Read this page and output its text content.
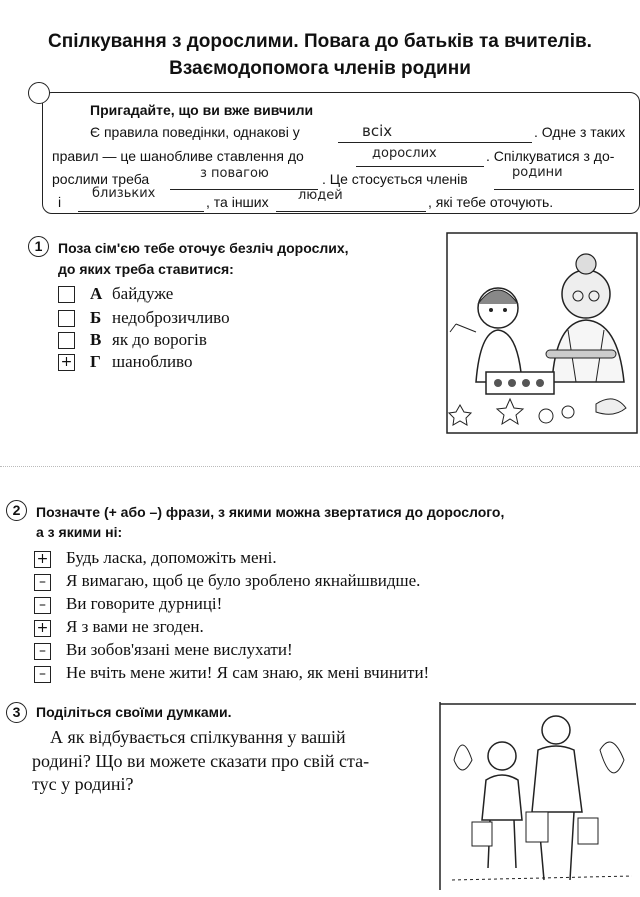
Спілкування з дорослими. Повага до батьків та вчителів.
Взаємодопомога членів родини
Пригадайте, що ви вже вивчили
Є правила поведінки, однакові у	всіх	. Одне з таких
правил — це шанобливе ставлення до	дорослих	. Спілкуватися з до-
рослими треба	з повагою	. Це стосується членів	родини
і
близьких
, та інших людей	, які тебе оточують.
1	Поза сім'єю тебе оточує безліч дорослих,
до яких треба ставитися:
А байдуже
Б недоброзичливо
В як до ворогів
+ Г шанобливо
2	Позначте (+ або –) фрази, з якими можна звертатися до дорослого,
а з якими ні:
+ Будь ласка, допоможіть мені.
– Я вимагаю, щоб це було зроблено якнайшвидше.
– Ви говорите дурниці!
+ Я з вами не згоден.
– Ви зобов'язані мене вислухати!
– Не вчіть мене жити! Я сам знаю, як мені вчинити!
3	Поділіться своїми думками.
А як відбувається спілкування у вашій
родині? Що ви можете сказати про свій ста-
тус у родині?
